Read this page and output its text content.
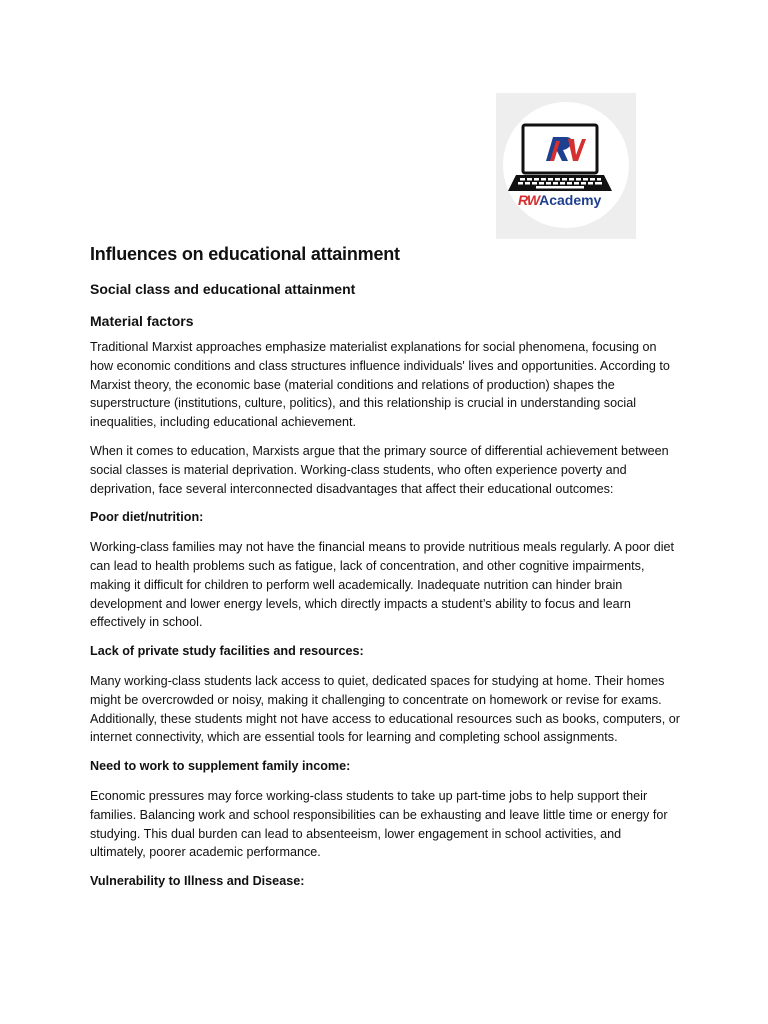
RWAcademy
Influences on educational attainment
Social class and educational attainment
Material factors

Traditional Marxist approaches emphasize materialist explanations for social phenomena, focusing on how economic conditions and class structures influence individuals' lives and opportunities. According to Marxist theory, the economic base (material conditions and relations of production) shapes the superstructure (institutions, culture, politics), and this relationship is crucial in understanding social inequalities, including educational achievement.

When it comes to education, Marxists argue that the primary source of differential achievement between social classes is material deprivation. Working-class students, who often experience poverty and deprivation, face several interconnected disadvantages that affect their educational outcomes:

Poor diet/nutrition:

Working-class families may not have the financial means to provide nutritious meals regularly. A poor diet can lead to health problems such as fatigue, lack of concentration, and other cognitive impairments, making it difficult for children to perform well academically. Inadequate nutrition can hinder brain development and lower energy levels, which directly impacts a student’s ability to focus and learn effectively in school.

Lack of private study facilities and resources:

Many working-class students lack access to quiet, dedicated spaces for studying at home. Their homes might be overcrowded or noisy, making it challenging to concentrate on homework or revise for exams. Additionally, these students might not have access to educational resources such as books, computers, or internet connectivity, which are essential tools for learning and completing school assignments.

Need to work to supplement family income:

Economic pressures may force working-class students to take up part-time jobs to help support their families. Balancing work and school responsibilities can be exhausting and leave little time or energy for studying. This dual burden can lead to absenteeism, lower engagement in school activities, and ultimately, poorer academic performance.

Vulnerability to Illness and Disease:
